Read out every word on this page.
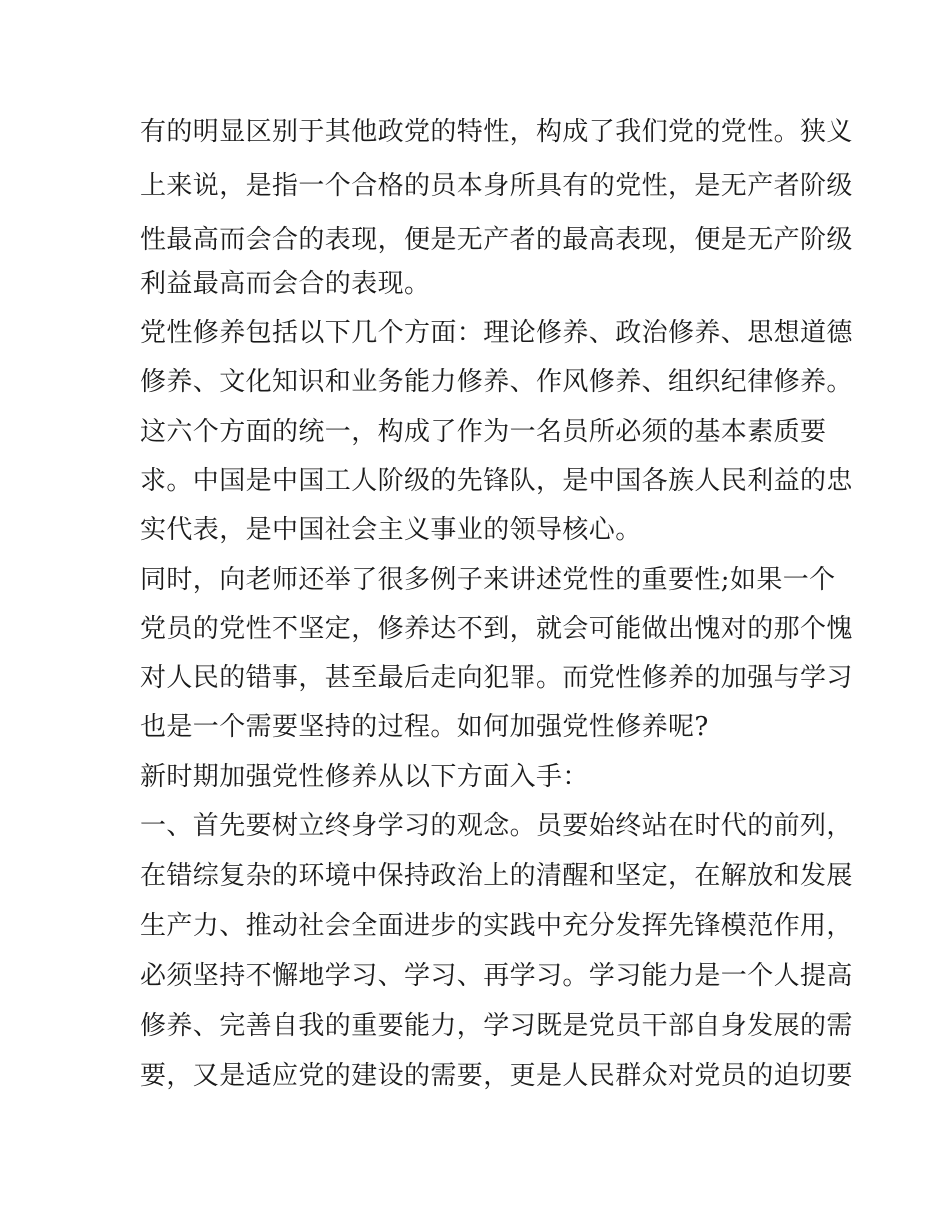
有的明显区别于其他政党的特性，构成了我们党的党性。狭义
上来说，是指一个合格的员本身所具有的党性，是无产者阶级
性最高而会合的表现，便是无产者的最高表现，便是无产阶级
利益最高而会合的表现。
党性修养包括以下几个方面：理论修养、政治修养、思想道德
修养、文化知识和业务能力修养、作风修养、组织纪律修养。
这六个方面的统一，构成了作为一名员所必须的基本素质要
求。中国是中国工人阶级的先锋队，是中国各族人民利益的忠
实代表，是中国社会主义事业的领导核心。
同时，向老师还举了很多例子来讲述党性的重要性;如果一个
党员的党性不坚定，修养达不到，就会可能做出愧对的那个愧
对人民的错事，甚至最后走向犯罪。而党性修养的加强与学习
也是一个需要坚持的过程。如何加强党性修养呢?
新时期加强党性修养从以下方面入手：
一、首先要树立终身学习的观念。员要始终站在时代的前列，
在错综复杂的环境中保持政治上的清醒和坚定，在解放和发展
生产力、推动社会全面进步的实践中充分发挥先锋模范作用，
必须坚持不懈地学习、学习、再学习。学习能力是一个人提高
修养、完善自我的重要能力，学习既是党员干部自身发展的需
要，又是适应党的建设的需要，更是人民群众对党员的迫切要
